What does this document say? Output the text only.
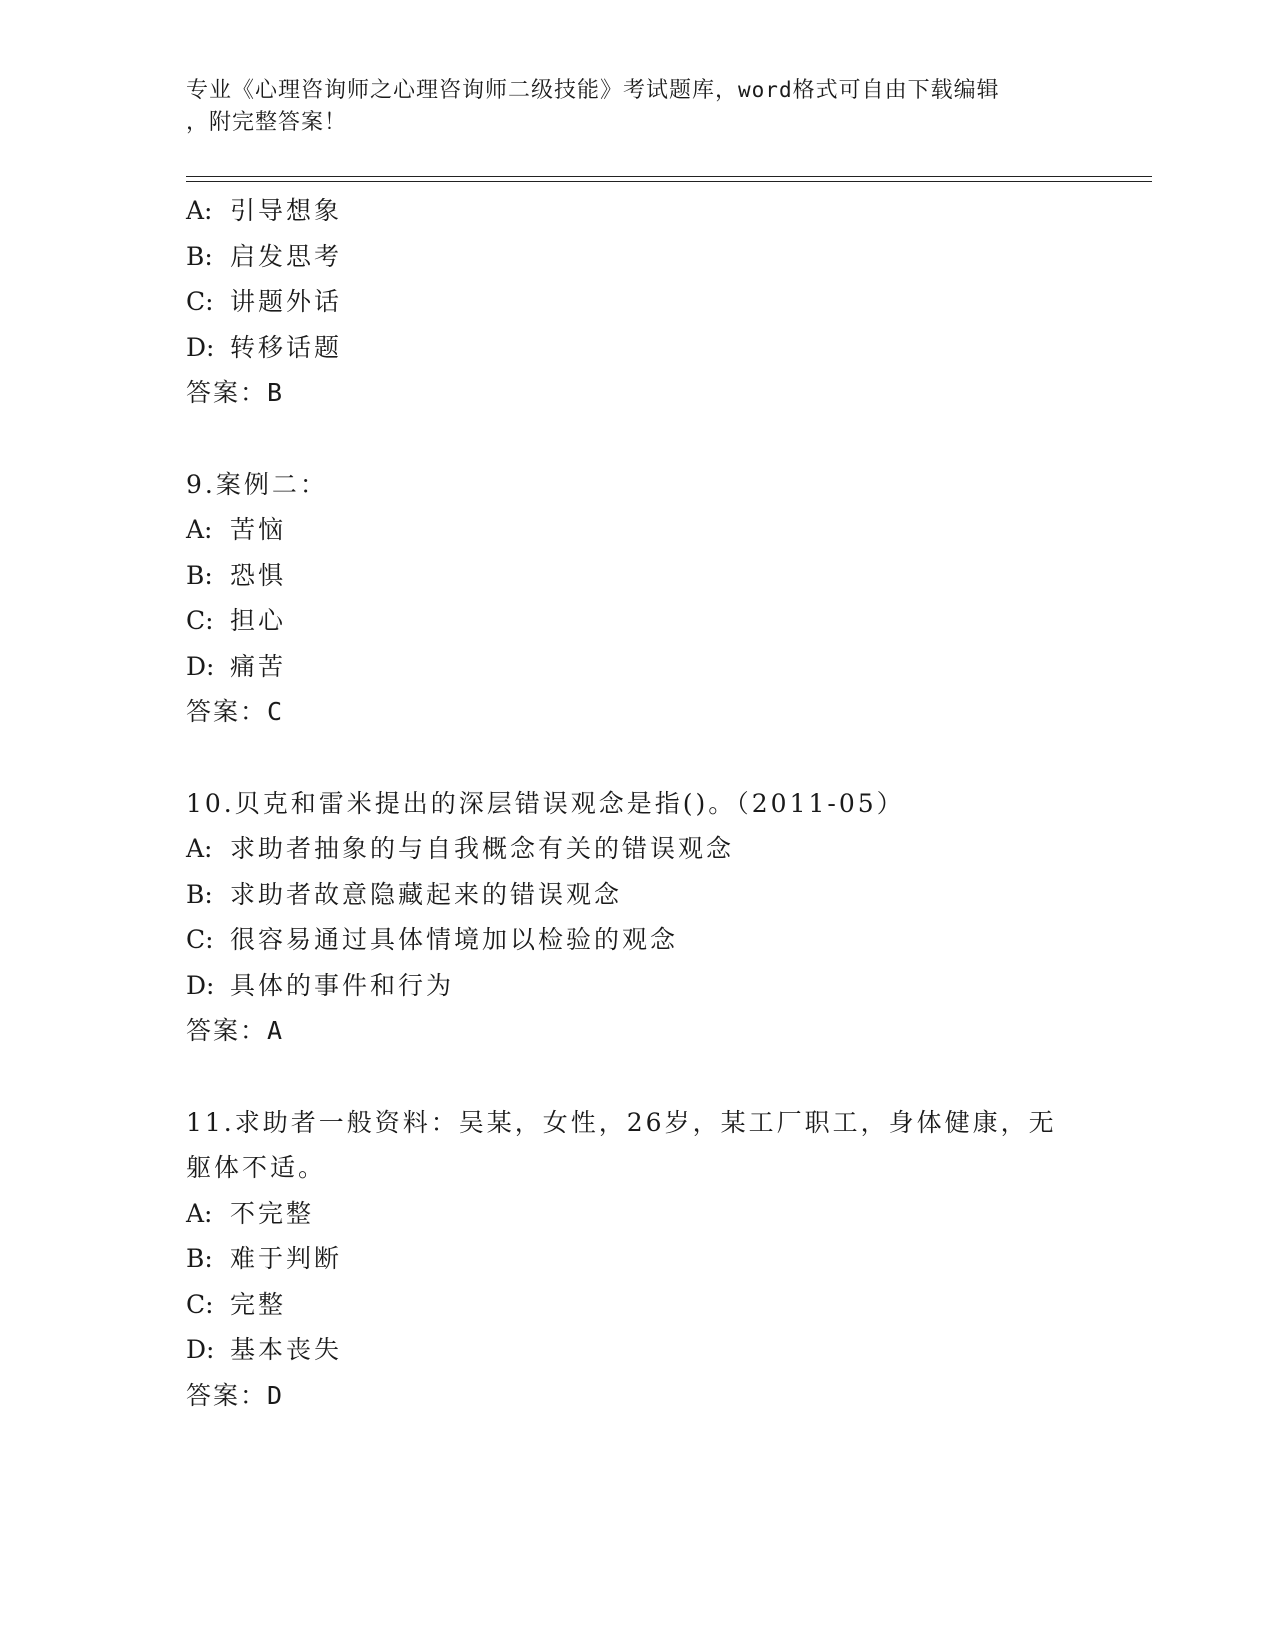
专业《心理咨询师之心理咨询师二级技能》考试题库，word格式可自由下载编辑
，附完整答案！
A: 引导想象
B: 启发思考
C: 讲题外话
D: 转移话题
答案：B
9.案例二：
A: 苦恼
B: 恐惧
C: 担心
D: 痛苦
答案：C
10.贝克和雷米提出的深层错误观念是指()。（2011-05）
A: 求助者抽象的与自我概念有关的错误观念
B: 求助者故意隐藏起来的错误观念
C: 很容易通过具体情境加以检验的观念
D: 具体的事件和行为
答案：A
11.求助者一般资料：吴某，女性，26岁，某工厂职工，身体健康，无
躯体不适。
A: 不完整
B: 难于判断
C: 完整
D: 基本丧失
答案：D
